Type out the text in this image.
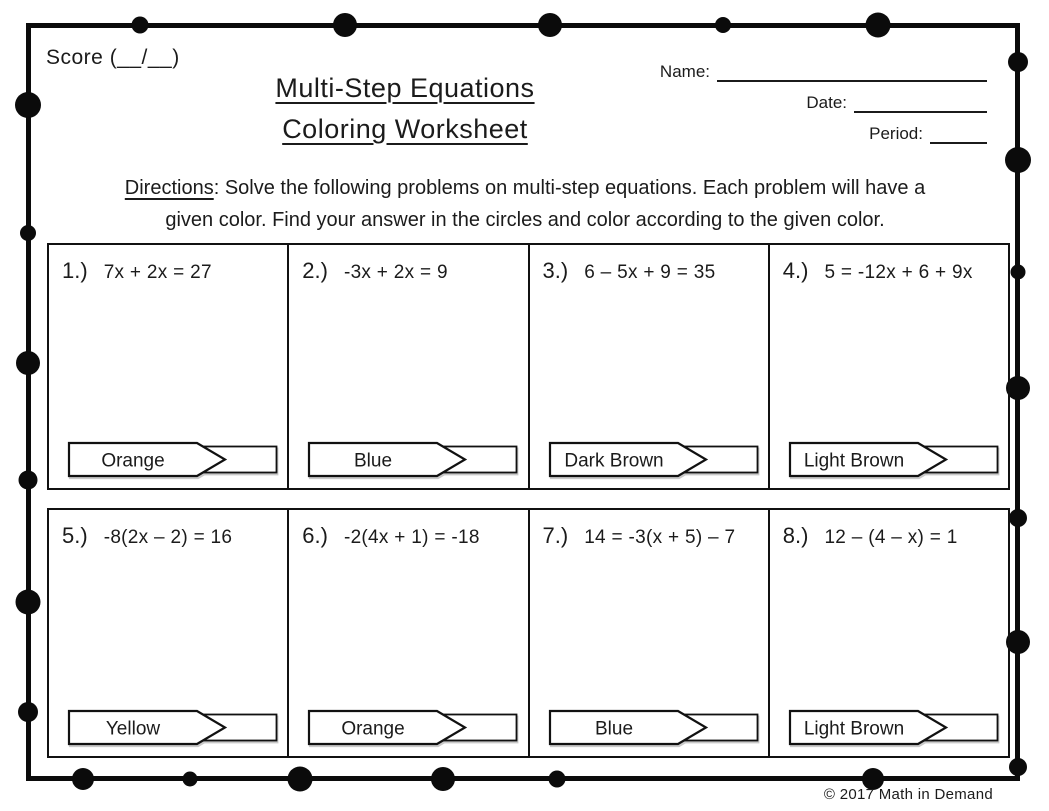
Score (__/__)
Multi-Step Equations
Coloring Worksheet
Name:
Date:
Period:
Directions: Solve the following problems on multi-step equations. Each problem will have a
given color. Find your answer in the circles and color according to the given color.
1.) 7x + 2x = 27
Orange
2.) -3x + 2x = 9
Blue
3.) 6 – 5x + 9 = 35
Dark Brown
4.) 5 = -12x + 6 + 9x
Light Brown
5.) -8(2x – 2) = 16
Yellow
6.) -2(4x + 1) = -18
Orange
7.) 14 = -3(x + 5) – 7
Blue
8.) 12 – (4 – x) = 1
Light Brown
© 2017 Math in Demand
